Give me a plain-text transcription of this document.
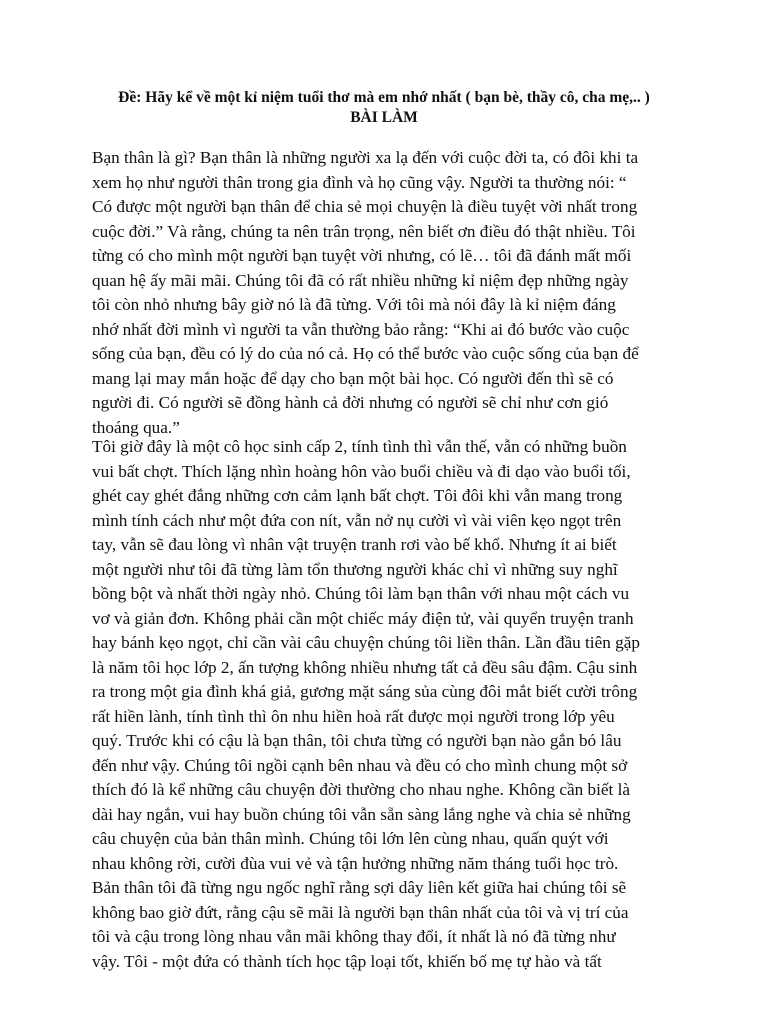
Đề: Hãy kể về một kỉ niệm tuổi thơ mà em nhớ nhất ( bạn bè, thầy cô, cha mẹ,.. )
BÀI LÀM
Bạn thân là gì? Bạn thân là những người xa lạ đến với cuộc đời ta, có đôi khi ta
xem họ như người thân trong gia đình và họ cũng vậy. Người ta thường nói: “
Có được một người bạn thân để chia sẻ mọi chuyện là điều tuyệt vời nhất trong
cuộc đời.” Và rằng, chúng ta nên trân trọng, nên biết ơn điều đó thật nhiều. Tôi
từng có cho mình một người bạn tuyệt vời nhưng, có lẽ… tôi đã đánh mất mối
quan hệ ấy mãi mãi. Chúng tôi đã có rất nhiều những kỉ niệm đẹp những ngày
tôi còn nhỏ nhưng bây giờ nó là đã từng. Với tôi mà nói đây là kỉ niệm đáng
nhớ nhất đời mình vì người ta vẫn thường bảo rằng: “Khi ai đó bước vào cuộc
sống của bạn, đều có lý do của nó cả. Họ có thể bước vào cuộc sống của bạn để
mang lại may mắn hoặc để dạy cho bạn một bài học. Có người đến thì sẽ có
người đi. Có người sẽ đồng hành cả đời nhưng có người sẽ chỉ như cơn gió
thoáng qua.”
Tôi giờ đây là một cô học sinh cấp 2, tính tình thì vẫn thế, vẫn có những buồn
vui bất chợt. Thích lặng nhìn hoàng hôn vào buổi chiều và đi dạo vào buổi tối,
ghét cay ghét đắng những cơn cảm lạnh bất chợt. Tôi đôi khi vẫn mang trong
mình tính cách như một đứa con nít, vẫn nở nụ cười vì vài viên kẹo ngọt trên
tay, vẫn sẽ đau lòng vì nhân vật truyện tranh rơi vào bế khổ. Nhưng ít ai biết
một người như tôi đã từng làm tổn thương người khác chỉ vì những suy nghĩ
bồng bột và nhất thời ngày nhỏ. Chúng tôi làm bạn thân với nhau một cách vu
vơ và giản đơn. Không phải cần một chiếc máy điện tử, vài quyển truyện tranh
hay bánh kẹo ngọt, chỉ cần vài câu chuyện chúng tôi liền thân. Lần đầu tiên gặp
là năm tôi học lớp 2, ấn tượng không nhiều nhưng tất cả đều sâu đậm. Cậu sinh
ra trong một gia đình khá giả, gương mặt sáng sủa cùng đôi mắt biết cười trông
rất hiền lành, tính tình thì ôn nhu hiền hoà rất được mọi người trong lớp yêu
quý. Trước khi có cậu là bạn thân, tôi chưa từng có người bạn nào gắn bó lâu
đến như vậy. Chúng tôi ngồi cạnh bên nhau và đều có cho mình chung một sở
thích đó là kể những câu chuyện đời thường cho nhau nghe. Không cần biết là
dài hay ngắn, vui hay buồn chúng tôi vẫn sẵn sàng lắng nghe và chia sẻ những
câu chuyện của bản thân mình. Chúng tôi lớn lên cùng nhau, quấn quýt với
nhau không rời, cười đùa vui vẻ và tận hưởng những năm tháng tuổi học trò.
Bản thân tôi đã từng ngu ngốc nghĩ rằng sợi dây liên kết giữa hai chúng tôi sẽ
không bao giờ đứt, rằng cậu sẽ mãi là người bạn thân nhất của tôi và vị trí của
tôi và cậu trong lòng nhau vẫn mãi không thay đổi, ít nhất là nó đã từng như
vậy. Tôi - một đứa có thành tích học tập loại tốt, khiến bố mẹ tự hào và tất
